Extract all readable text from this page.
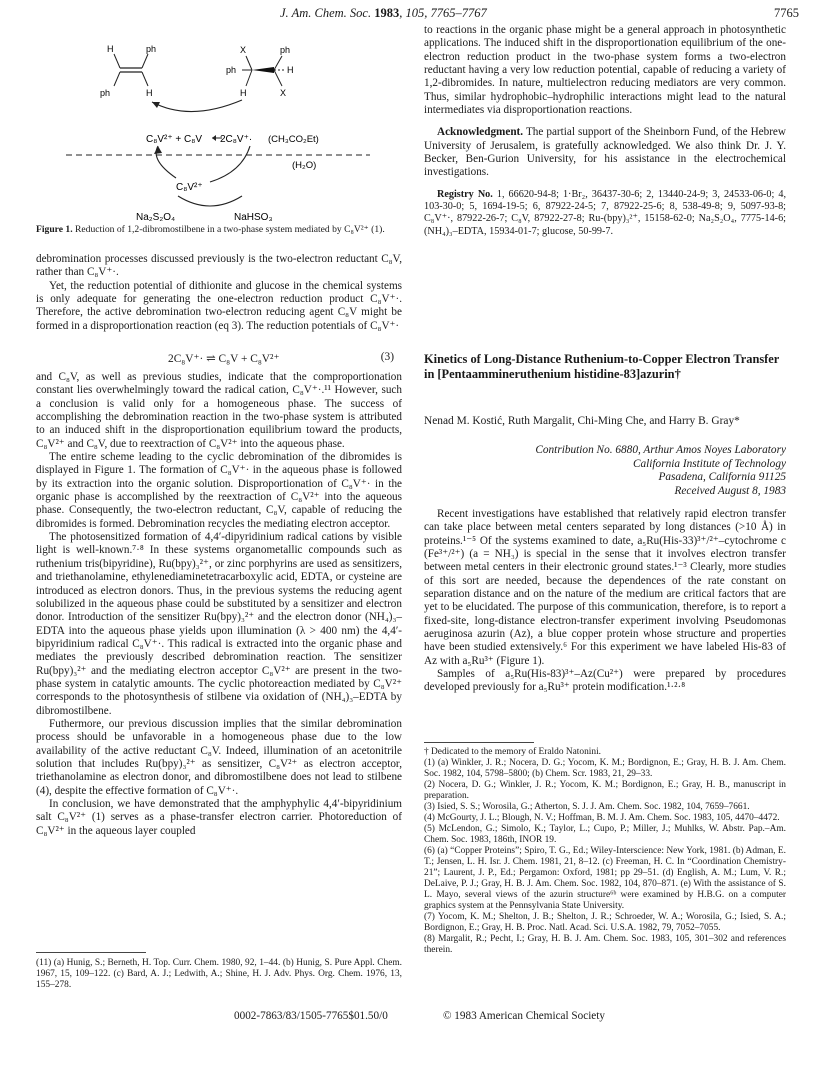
J. Am. Chem. Soc. 1983, 105, 7765–7767	7765
H	ph
ph	H
X	ph
ph	H
H	X
C₈V²⁺ + C₈V 2C₈V⁺· (CH₃CO₂Et)
(H₂O)
C₈V²⁺
Na₂S₂O₄	NaHSO₃
Figure 1. Reduction of 1,2-dibromostilbene in a two-phase system mediated by C₈V²⁺ (1).

debromination processes discussed previously is the two-electron reductant C₈V, rather than C₈V⁺·.

Yet, the reduction potential of dithionite and glucose in the chemical systems is only adequate for generating the one-electron reduction product C₈V⁺·. Therefore, the active debromination two-electron reducing agent C₈V might be formed in a disproportionation reaction (eq 3). The reduction potentials of C₈V⁺·

2C₈V⁺· ⇌ C₈V + C₈V²⁺	(3)

and C₈V, as well as previous studies, indicate that the comproportionation constant lies overwhelmingly toward the radical cation, C₈V⁺·.¹¹ However, such a conclusion is valid only for a homogeneous phase. The success of accomplishing the debromination reaction in the two-phase system is attributed to an induced shift in the disproportionation equilibrium toward the products, C₈V²⁺ and C₈V, due to reextraction of C₈V²⁺ into the aqueous phase.

The entire scheme leading to the cyclic debromination of the dibromides is displayed in Figure 1. The formation of C₈V⁺· in the aqueous phase is followed by its extraction into the organic solution. Disproportionation of C₈V⁺· in the organic phase is accomplished by the reextraction of C₈V²⁺ into the aqueous phase. Consequently, the two-electron reductant, C₈V, capable of reducing the dibromides is formed. Debromination recycles the mediating electron acceptor.

The photosensitized formation of 4,4′-dipyridinium radical cations by visible light is well-known.⁷·⁸ In these systems organometallic compounds such as ruthenium tris(bipyridine), Ru(bpy)₃²⁺, or zinc porphyrins are used as sensitizers, and triethanolamine, ethylenediaminetetracarboxylic acid, EDTA, or cysteine are introduced as electron donors. Thus, in the previous systems the reducing agent solubilized in the aqueous phase could be substituted by a sensitizer and electron donor. Introduction of the sensitizer Ru(bpy)₃²⁺ and the electron donor (NH₄)₃–EDTA into the aqueous phase yields upon illumination (λ > 400 nm) the 4,4′-bipyridinium radical C₈V⁺·. This radical is extracted into the organic phase and mediates the previously described debromination reaction. The sensitizer Ru(bpy)₃²⁺ and the mediating electron acceptor C₈V²⁺ are present in the two-phase system in catalytic amounts. The cyclic photoreaction mediated by C₈V²⁺ corresponds to the photosynthesis of stilbene via oxidation of (NH₄)₃–EDTA by dibromostilbene.

Futhermore, our previous discussion implies that the similar debromination process should be unfavorable in a homogeneous phase due to the low availability of the active reductant C₈V. Indeed, illumination of an acetonitrile solution that includes Ru(bpy)₃²⁺ as sensitizer, C₈V²⁺ as electron acceptor, triethanolamine as electron donor, and dibromostilbene does not lead to stilbene (4), despite the effective formation of C₈V⁺·.

In conclusion, we have demonstrated that the amphyphylic 4,4′-bipyridinium salt C₈V²⁺ (1) serves as a phase-transfer electron carrier. Photoreduction of C₈V²⁺ in the aqueous layer coupled

(11) (a) Hunig, S.; Berneth, H. Top. Curr. Chem. 1980, 92, 1–44. (b) Hunig, S. Pure Appl. Chem. 1967, 15, 109–122. (c) Bard, A. J.; Ledwith, A.; Shine, H. J. Adv. Phys. Org. Chem. 1976, 13, 155–278.

to reactions in the organic phase might be a general approach in photosynthetic applications. The induced shift in the disproportionation equilibrium of the one-electron reduction product in the two-phase system forms a two-electron reductant having a very low reduction potential, capable of reducing a variety of 1,2-dibromides. In nature, multielectron reducing mediators are very common. Thus, similar hydrophobic–hydrophilic interactions might lead to the natural intermediates via disproportionation reactions.

Acknowledgment. The partial support of the Sheinborn Fund, of the Hebrew University of Jerusalem, is gratefully acknowledged. We also think Dr. J. Y. Becker, Ben-Gurion University, for his assistance in the electrochemical investigations.

Registry No. 1, 66620-94-8; 1·Br₂, 36437-30-6; 2, 13440-24-9; 3, 24533-06-0; 4, 103-30-0; 5, 1694-19-5; 6, 87922-24-5; 7, 87922-25-6; 8, 538-49-8; 9, 5097-93-8; C₈V⁺·, 87922-26-7; C₈V, 87922-27-8; Ru-(bpy)₃²⁺, 15158-62-0; Na₂S₂O₄, 7775-14-6; (NH₄)₃–EDTA, 15934-01-7; glucose, 50-99-7.

Kinetics of Long-Distance Ruthenium-to-Copper Electron Transfer in [Pentaammineruthenium histidine-83]azurin†
Nenad M. Kostić, Ruth Margalit, Chi-Ming Che, and Harry B. Gray*
Contribution No. 6880, Arthur Amos Noyes Laboratory
California Institute of Technology
Pasadena, California 91125
Received August 8, 1983

Recent investigations have established that relatively rapid electron transfer can take place between metal centers separated by long distances (>10 Å) in proteins.¹⁻⁵ Of the systems examined to date, a₅Ru(His-33)³⁺/²⁺–cytochrome c (Fe³⁺/²⁺) (a = NH₃) is special in the sense that it involves electron transfer between metal centers in their electronic ground states.¹⁻³ Clearly, more studies of this sort are needed, because the dependences of the rate constant on separation distance and on the nature of the medium are critical factors that are yet to be elucidated. The purpose of this communication, therefore, is to report a fixed-site, long-distance electron-transfer experiment involving Pseudomonas aeruginosa azurin (Az), a blue copper protein whose structure and properties have been studied extensively.⁶ For this experiment we have labeled His-83 of Az with a₅Ru³⁺ (Figure 1).

Samples of a₅Ru(His-83)³⁺–Az(Cu²⁺) were prepared by procedures developed previously for a₅Ru³⁺ protein modification.¹·²·⁸

† Dedicated to the memory of Eraldo Natonini.

(1) (a) Winkler, J. R.; Nocera, D. G.; Yocom, K. M.; Bordignon, E.; Gray, H. B. J. Am. Chem. Soc. 1982, 104, 5798–5800; (b) Chem. Scr. 1983, 21, 29–33.

(2) Nocera, D. G.; Winkler, J. R.; Yocom, K. M.; Bordignon, E.; Gray, H. B., manuscript in preparation.

(3) Isied, S. S.; Worosila, G.; Atherton, S. J. J. Am. Chem. Soc. 1982, 104, 7659–7661.

(4) McGourty, J. L.; Blough, N. V.; Hoffman, B. M. J. Am. Chem. Soc. 1983, 105, 4470–4472.

(5) McLendon, G.; Simolo, K.; Taylor, L.; Cupo, P.; Miller, J.; Muhlks, W. Abstr. Pap.–Am. Chem. Soc. 1983, 186th, INOR 19.

(6) (a) “Copper Proteins”; Spiro, T. G., Ed.; Wiley-Interscience: New York, 1981. (b) Adman, E. T.; Jensen, L. H. Isr. J. Chem. 1981, 21, 8–12. (c) Freeman, H. C. In “Coordination Chemistry-21”; Laurent, J. P., Ed.; Pergamon: Oxford, 1981; pp 29–51. (d) English, A. M.; Lum, V. R.; DeLaive, P. J.; Gray, H. B. J. Am. Chem. Soc. 1982, 104, 870–871. (e) With the assistance of S. L. Mayo, several views of the azurin structure⁶ᵇ were examined by H.B.G. on a computer graphics system at the Pennsylvania State University.

(7) Yocom, K. M.; Shelton, J. B.; Shelton, J. R.; Schroeder, W. A.; Worosila, G.; Isied, S. A.; Bordignon, E.; Gray, H. B. Proc. Natl. Acad. Sci. U.S.A. 1982, 79, 7052–7055.

(8) Margalit, R.; Pecht, I.; Gray, H. B. J. Am. Chem. Soc. 1983, 105, 301–302 and references therein.

0002-7863/83/1505-7765$01.50/0	© 1983 American Chemical Society
